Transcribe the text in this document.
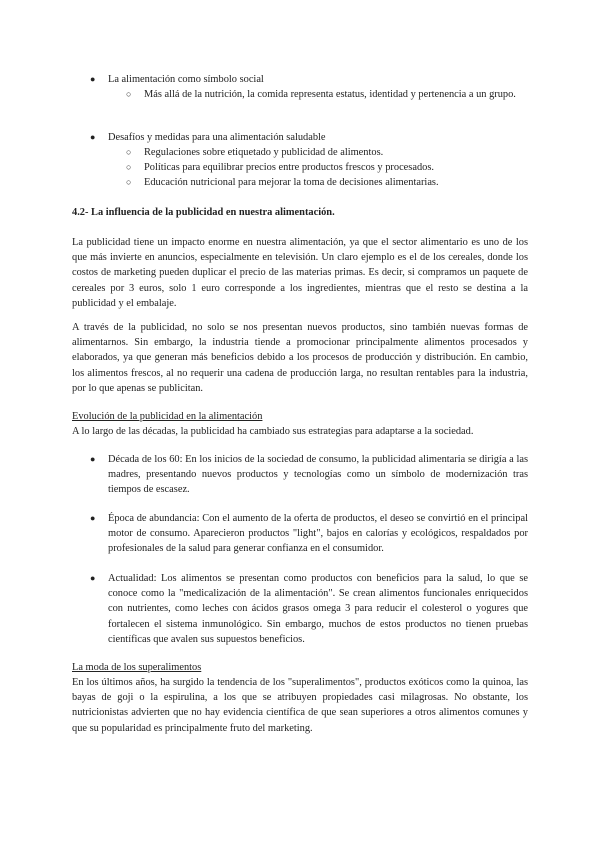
●	La alimentación como símbolo social
○ Más allá de la nutrición, la comida representa estatus, identidad y pertenencia a un grupo.
●	Desafíos y medidas para una alimentación saludable
○ Regulaciones sobre etiquetado y publicidad de alimentos.
○ Políticas para equilibrar precios entre productos frescos y procesados.
○ Educación nutricional para mejorar la toma de decisiones alimentarias.
4.2- La influencia de la publicidad en nuestra alimentación.

La publicidad tiene un impacto enorme en nuestra alimentación, ya que el sector alimentario es uno de los que más invierte en anuncios, especialmente en televisión. Un claro ejemplo es el de los cereales, donde los costos de marketing pueden duplicar el precio de las materias primas. Es decir, si compramos un paquete de cereales por 3 euros, solo 1 euro corresponde a los ingredientes, mientras que el resto se destina a la publicidad y el embalaje.

A través de la publicidad, no solo se nos presentan nuevos productos, sino también nuevas formas de alimentarnos. Sin embargo, la industria tiende a promocionar principalmente alimentos procesados y elaborados, ya que generan más beneficios debido a los procesos de producción y distribución. En cambio, los alimentos frescos, al no requerir una cadena de producción larga, no resultan rentables para la industria, por lo que apenas se publicitan.

Evolución de la publicidad en la alimentación
A lo largo de las décadas, la publicidad ha cambiado sus estrategias para adaptarse a la sociedad.
●	Década de los 60: En los inicios de la sociedad de consumo, la publicidad alimentaria se dirigía a las madres, presentando nuevos productos y tecnologías como un símbolo de modernización tras tiempos de escasez.
●	Época de abundancia: Con el aumento de la oferta de productos, el deseo se convirtió en el principal motor de consumo. Aparecieron productos "light", bajos en calorías y ecológicos, respaldados por profesionales de la salud para generar confianza en el consumidor.
●	Actualidad: Los alimentos se presentan como productos con beneficios para la salud, lo que se conoce como la "medicalización de la alimentación". Se crean alimentos funcionales enriquecidos con nutrientes, como leches con ácidos grasos omega 3 para reducir el colesterol o yogures que fortalecen el sistema inmunológico. Sin embargo, muchos de estos productos no tienen pruebas científicas que avalen sus supuestos beneficios.
La moda de los superalimentos

En los últimos años, ha surgido la tendencia de los "superalimentos", productos exóticos como la quinoa, las bayas de goji o la espirulina, a los que se atribuyen propiedades casi milagrosas. No obstante, los nutricionistas advierten que no hay evidencia científica de que sean superiores a otros alimentos comunes y que su popularidad es principalmente fruto del marketing.
